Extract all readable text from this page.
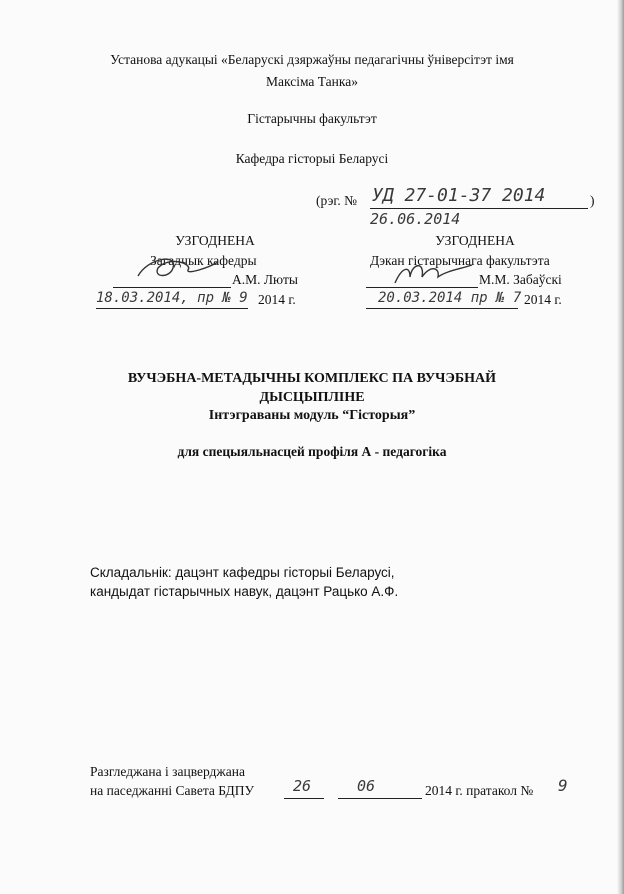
Установа адукацыі «Беларускі дзяржаўны педагагічны ўніверсітэт імя
Максіма Танка»
Гістарычны факультэт
Кафедра гісторыі Беларусі
(рэг. № УД 27-01-37 2014	)
26.06.2014
УЗГОДНЕНА
Загадчык кафедры
А.М. Люты
18.03.2014, пр № 9 2014 г.
УЗГОДНЕНА
Дэкан гістарычнага факультэта
М.М. Забаўскі
20.03.2014 пр № 7 2014 г.
ВУЧЭБНА-МЕТАДЫЧНЫ КОМПЛЕКС ПА ВУЧЭБНАЙ
ДЫСЦЫПЛІНЕ
Інтэграваны модуль “Гісторыя”
для спецыяльнасцей профіля А - педагогіка
Складальнік: дацэнт кафедры гісторыі Беларусі,
кандыдат гістарычных навук, дацэнт Рацько А.Ф.
Разгледжана і зацверджана
на паседжанні Савета БДПУ	26	06	2014 г. пратакол № 9
